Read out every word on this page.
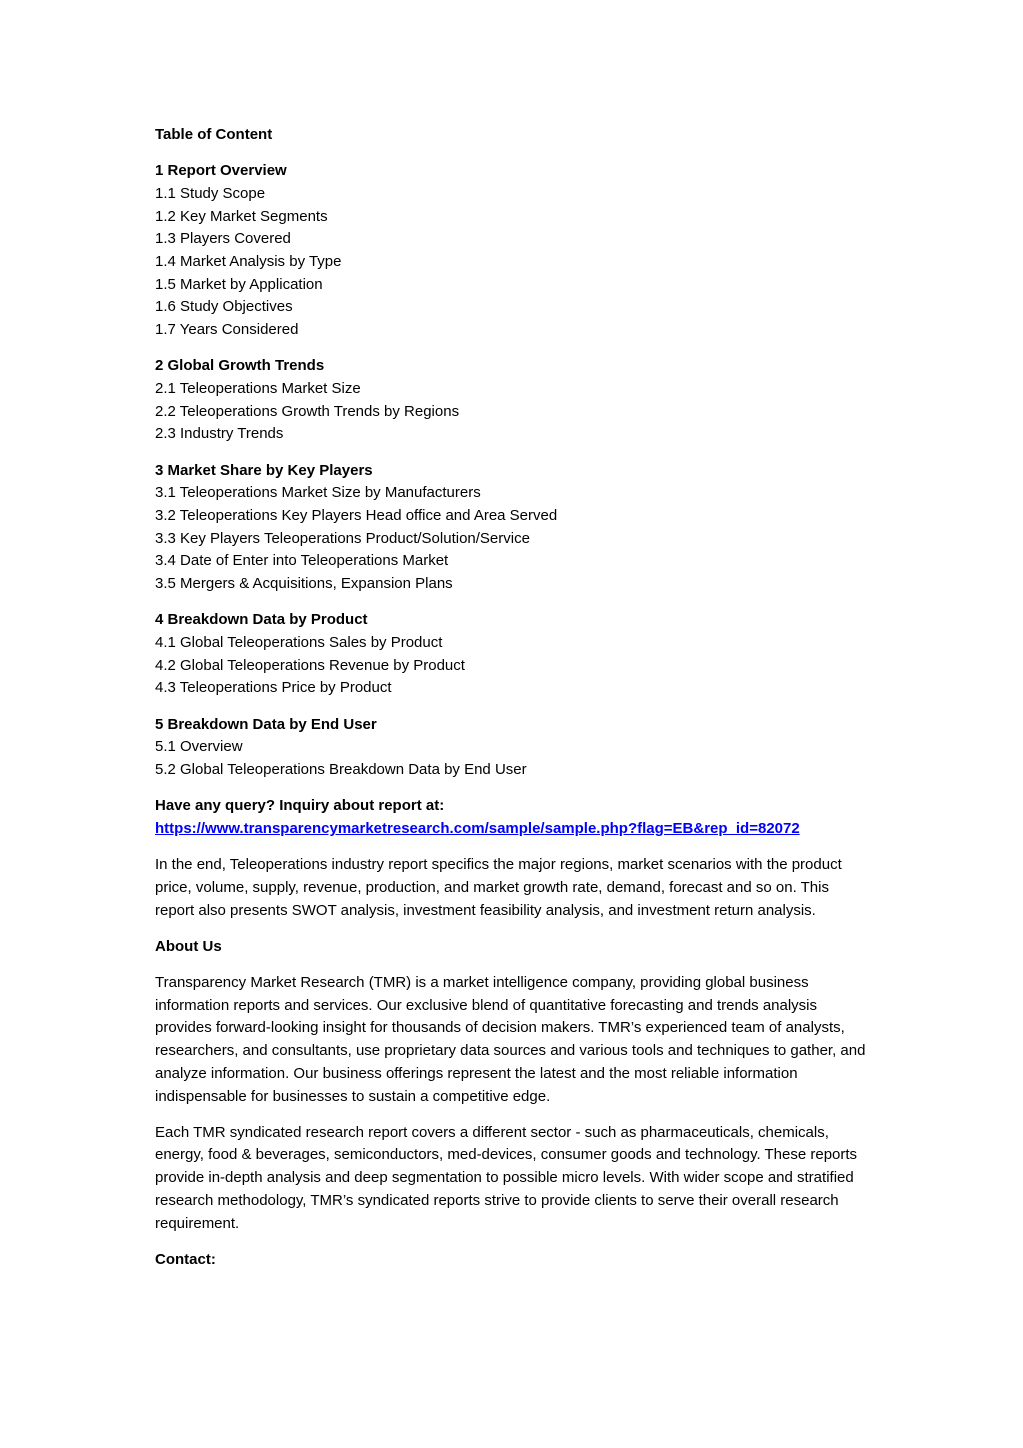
Table of Content

1 Report Overview

1.1 Study Scope

1.2 Key Market Segments

1.3 Players Covered

1.4 Market Analysis by Type

1.5 Market by Application

1.6 Study Objectives

1.7 Years Considered

2 Global Growth Trends

2.1 Teleoperations Market Size

2.2 Teleoperations Growth Trends by Regions

2.3 Industry Trends

3 Market Share by Key Players

3.1 Teleoperations Market Size by Manufacturers

3.2 Teleoperations Key Players Head office and Area Served

3.3 Key Players Teleoperations Product/Solution/Service

3.4 Date of Enter into Teleoperations Market

3.5 Mergers & Acquisitions, Expansion Plans

4 Breakdown Data by Product

4.1 Global Teleoperations Sales by Product

4.2 Global Teleoperations Revenue by Product

4.3 Teleoperations Price by Product

5 Breakdown Data by End User

5.1 Overview

5.2 Global Teleoperations Breakdown Data by End User

Have any query? Inquiry about report at:

https://www.transparencymarketresearch.com/sample/sample.php?flag=EB&rep_id=82072

In the end, Teleoperations industry report specifics the major regions, market scenarios with the product price, volume, supply, revenue, production, and market growth rate, demand, forecast and so on. This report also presents SWOT analysis, investment feasibility analysis, and investment return analysis.

About Us

Transparency Market Research (TMR) is a market intelligence company, providing global business information reports and services. Our exclusive blend of quantitative forecasting and trends analysis provides forward-looking insight for thousands of decision makers. TMR’s experienced team of analysts, researchers, and consultants, use proprietary data sources and various tools and techniques to gather, and analyze information. Our business offerings represent the latest and the most reliable information indispensable for businesses to sustain a competitive edge.

Each TMR syndicated research report covers a different sector - such as pharmaceuticals, chemicals, energy, food & beverages, semiconductors, med-devices, consumer goods and technology. These reports provide in-depth analysis and deep segmentation to possible micro levels. With wider scope and stratified research methodology, TMR’s syndicated reports strive to provide clients to serve their overall research requirement.

Contact:
